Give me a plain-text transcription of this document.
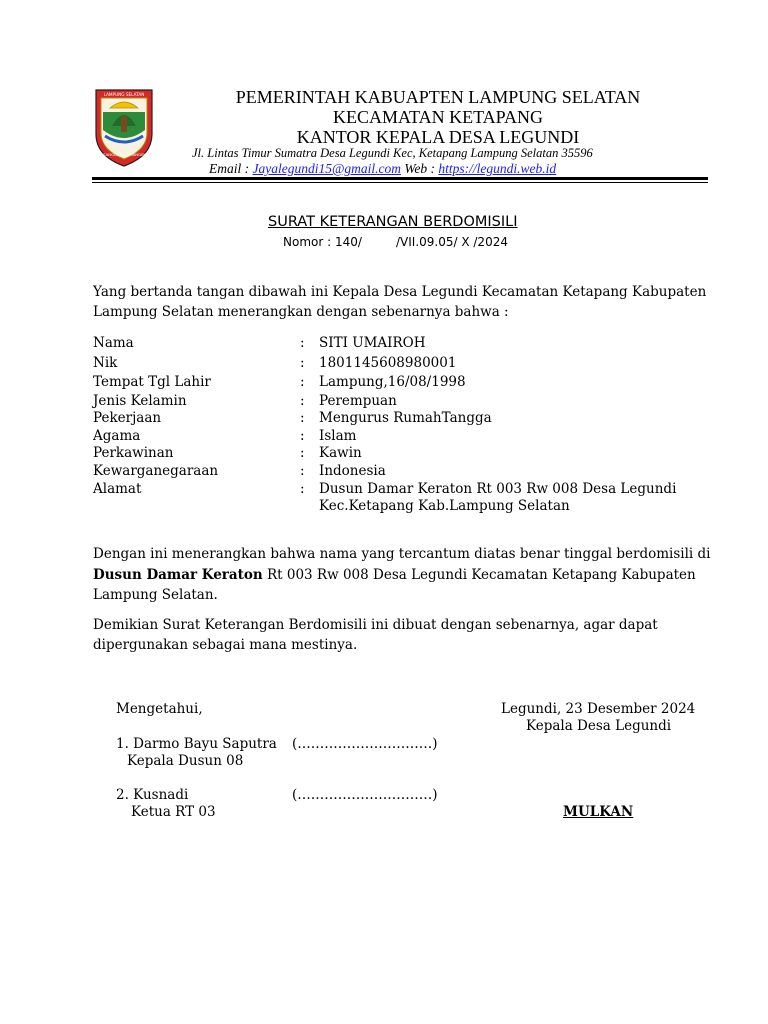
LAMPUNG SELATAN
SANGGUN HUMANGIR
PEMERINTAH KABUAPTEN LAMPUNG SELATAN
KECAMATAN KETAPANG
KANTOR KEPALA DESA LEGUNDI
Jl. Lintas Timur Sumatra Desa Legundi Kec, Ketapang Lampung Selatan 35596
Email : Jayalegundi15@gmail.com Web : https://legundi.web.id
SURAT KETERANGAN BERDOMISILI
Nomor : 140/	/VII.09.05/ X /2024
Yang bertanda tangan dibawah ini Kepala Desa Legundi Kecamatan Ketapang Kabupaten
Lampung Selatan menerangkan dengan sebenarnya bahwa :
Nama	: SITI UMAIROH
Nik	: 1801145608980001
Tempat Tgl Lahir	: Lampung,16/08/1998
Jenis Kelamin	: Perempuan
Pekerjaan	: Mengurus RumahTangga
Agama	: Islam
Perkawinan	: Kawin
Kewarganegaraan	: Indonesia
Alamat	: Dusun Damar Keraton Rt 003 Rw 008 Desa Legundi
Kec.Ketapang Kab.Lampung Selatan
Dengan ini menerangkan bahwa nama yang tercantum diatas benar tinggal berdomisili di
Dusun Damar Keraton Rt 003 Rw 008 Desa Legundi Kecamatan Ketapang Kabupaten
Lampung Selatan.
Demikian Surat Keterangan Berdomisili ini dibuat dengan sebenarnya, agar dapat
dipergunakan sebagai mana mestinya.
Mengetahui,	Legundi, 23 Desember 2024
Kepala Desa Legundi
1. Darmo Bayu Saputra (…………………………)
Kepala Dusun 08
2. Kusnadi	(…………………………)
Ketua RT 03	MULKAN
